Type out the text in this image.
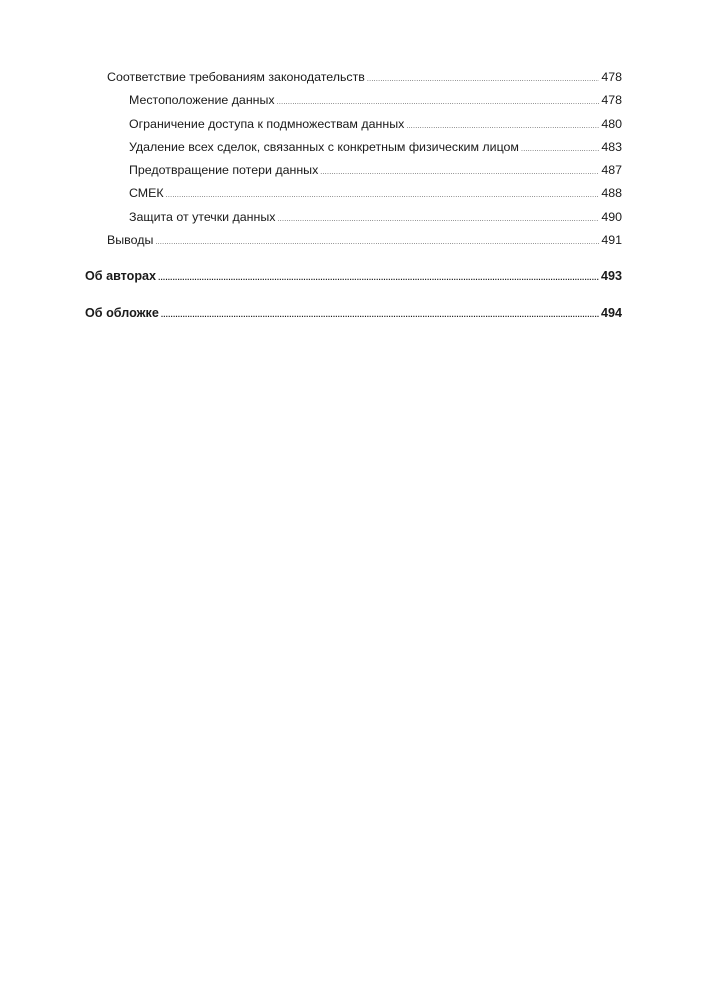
Соответствие требованиям законодательств .....	478
Местоположение данных .....	478
Ограничение доступа к подмножествам данных .....	480
Удаление всех сделок, связанных с конкретным физическим лицом .....	483
Предотвращение потери данных .....	487
СМЕК .....	488
Защита от утечки данных .....	490
Выводы .....	491
Об авторах .....	493
Об обложке .....	494
